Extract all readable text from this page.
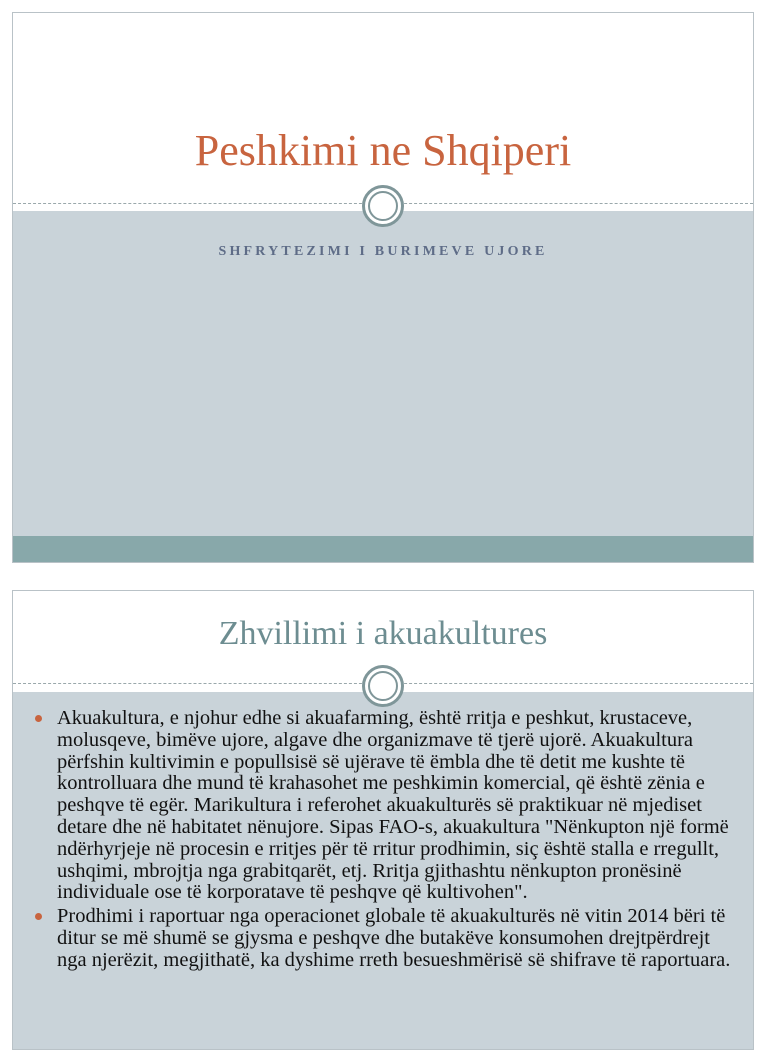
Peshkimi ne Shqiperi
SHFRYTEZIMI I BURIMEVE UJORE
Zhvillimi i akuakultures
Akuakultura, e njohur edhe si akuafarming, është rritja e peshkut, krustaceve, molusqeve, bimëve ujore, algave dhe organizmave të tjerë ujorë. Akuakultura përfshin kultivimin e popullsisë së ujërave të ëmbla dhe të detit me kushte të kontrolluara dhe mund të krahasohet me peshkimin komercial, që është zënia e peshqve të egër. Marikultura i referohet akuakulturës së praktikuar në mjediset detare dhe në habitatet nënujore. Sipas FAO-s, akuakultura "Nënkupton një formë ndërhyrjeje në procesin e rritjes për të rritur prodhimin, siç është stalla e rregullt, ushqimi, mbrojtja nga grabitqarët, etj. Rritja gjithashtu nënkupton pronësinë individuale ose të korporatave të peshqve që kultivohen".
Prodhimi i raportuar nga operacionet globale të akuakulturës në vitin 2014 bëri të ditur se më shumë se gjysma e peshqve dhe butakëve konsumohen drejtpërdrejt nga njerëzit, megjithatë, ka dyshime rreth besueshmërisë së shifrave të raportuara.
